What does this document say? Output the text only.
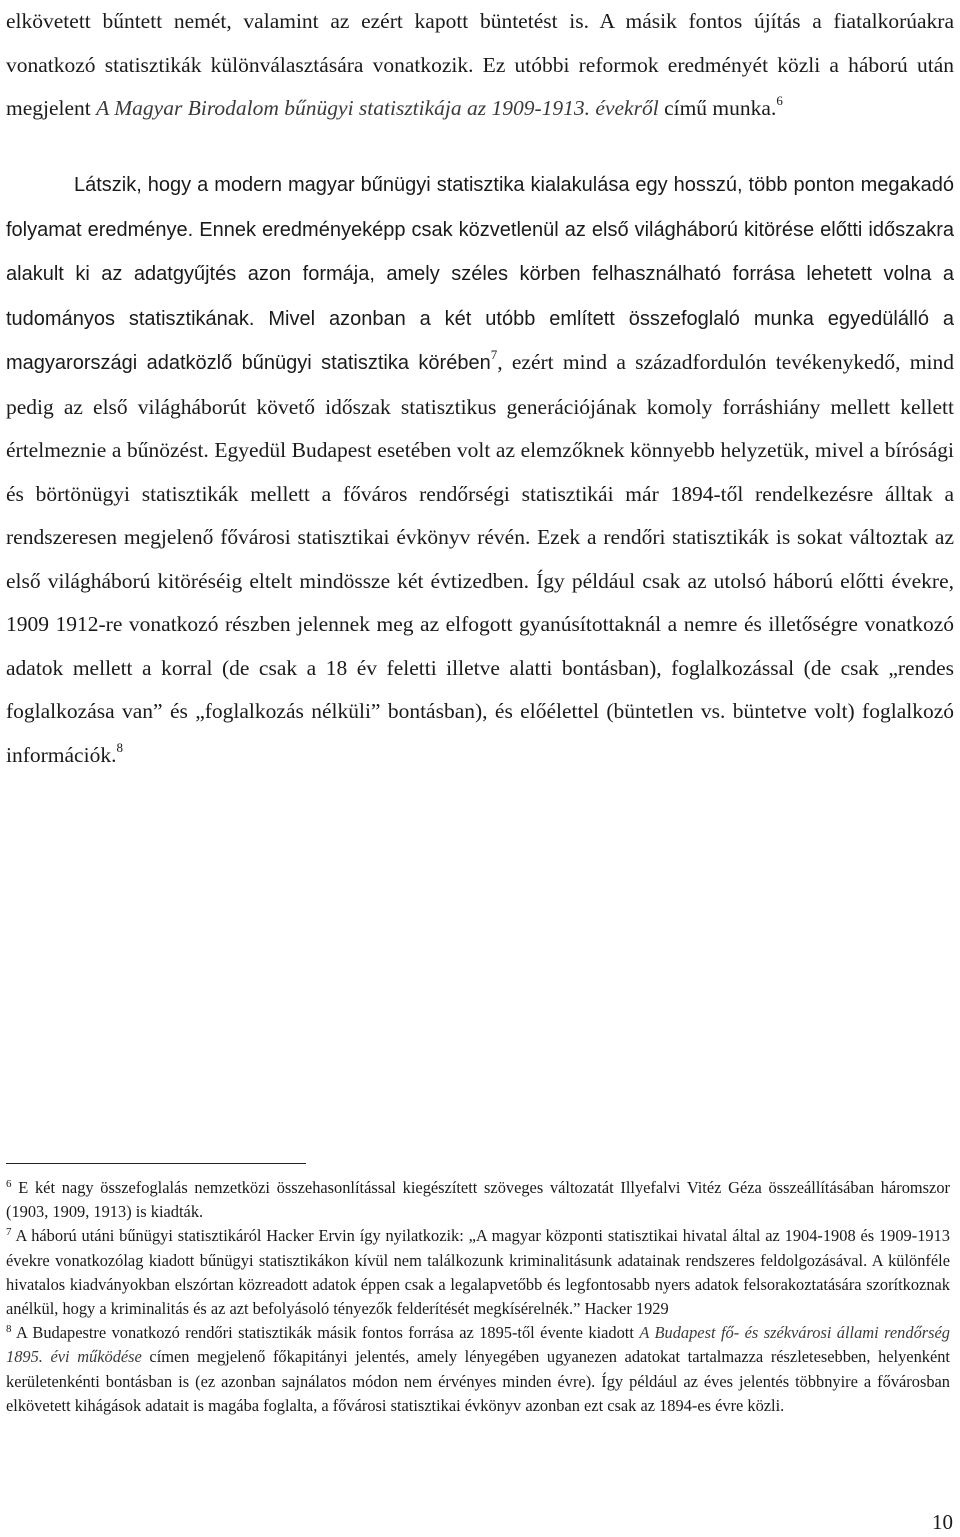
elkövetett bűntett nemét, valamint az ezért kapott büntetést is. A másik fontos újítás a fiatalkorúakra vonatkozó statisztikák különválasztására vonatkozik. Ez utóbbi reformok eredményét közli a háború után megjelent A Magyar Birodalom bűnügyi statisztikája az 1909-1913. évekről című munka.$^6$

Látszik, hogy a modern magyar bűnügyi statisztika kialakulása egy hosszú, több ponton megakadó folyamat eredménye. Ennek eredményeképp csak közvetlenül az első világháború kitörése előtti időszakra alakult ki az adatgyűjtés azon formája, amely széles körben felhasználható forrása lehetett volna a tudományos statisztikának. Mivel azonban a két utóbb említett összefoglaló munka egyedülálló a magyarországi adatközlő bűnügyi statisztika körében$^7$, ezért mind a századfordulón tevékenykedő, mind pedig az első világháborút követő időszak statisztikus generációjának komoly forráshiány mellett kellett értelmeznie a bűnözést. Egyedül Budapest esetében volt az elemzőknek könnyebb helyzetük, mivel a bírósági és börtönügyi statisztikák mellett a főváros rendőrségi statisztikái már 1894-től rendelkezésre álltak a rendszeresen megjelenő fővárosi statisztikai évkönyv révén. Ezek a rendőri statisztikák is sokat változtak az első világháború kitöréséig eltelt mindössze két évtizedben. Így például csak az utolsó háború előtti évekre, 1909 1912-re vonatkozó részben jelennek meg az elfogott gyanúsítottaknál a nemre és illetőségre vonatkozó adatok mellett a korral (de csak a 18 év feletti illetve alatti bontásban), foglalkozással (de csak „rendes foglalkozása van” és „foglalkozás nélküli” bontásban), és előélettel (büntetlen vs. büntetve volt) foglalkozó információk.$^8$

$^6$ E két nagy összefoglalás nemzetközi összehasonlítással kiegészített szöveges változatát Illyefalvi Vitéz Géza összeállításában háromszor (1903, 1909, 1913) is kiadták.

$^7$ A háború utáni bűnügyi statisztikáról Hacker Ervin így nyilatkozik: „A magyar központi statisztikai hivatal által az 1904-1908 és 1909-1913 évekre vonatkozólag kiadott bűnügyi statisztikákon kívül nem találkozunk kriminalitásunk adatainak rendszeres feldolgozásával. A különféle hivatalos kiadványokban elszórtan közreadott adatok éppen csak a legalapvetőbb és legfontosabb nyers adatok felsorakoztatására szorítkoznak anélkül, hogy a kriminalitás és az azt befolyásoló tényezők felderítését megkísérelnék.” Hacker 1929

$^8$ A Budapestre vonatkozó rendőri statisztikák másik fontos forrása az 1895-től évente kiadott A Budapest fő- és székvárosi állami rendőrség 1895. évi működése címen megjelenő főkapitányi jelentés, amely lényegében ugyanezen adatokat tartalmazza részletesebben, helyenként kerületenkénti bontásban is (ez azonban sajnálatos módon nem érvényes minden évre). Így például az éves jelentés többnyire a fővárosban elkövetett kihágások adatait is magába foglalta, a fővárosi statisztikai évkönyv azonban ezt csak az 1894-es évre közli.

10
